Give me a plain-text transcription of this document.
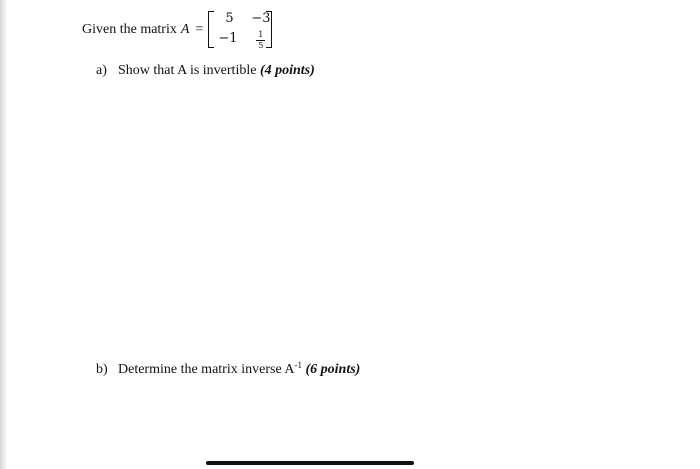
Given the matrix A =
5 −3
−1	1
5
a) Show that A is invertible (4 points)
b) Determine the matrix inverse $A^{-1}$ (6 points)
